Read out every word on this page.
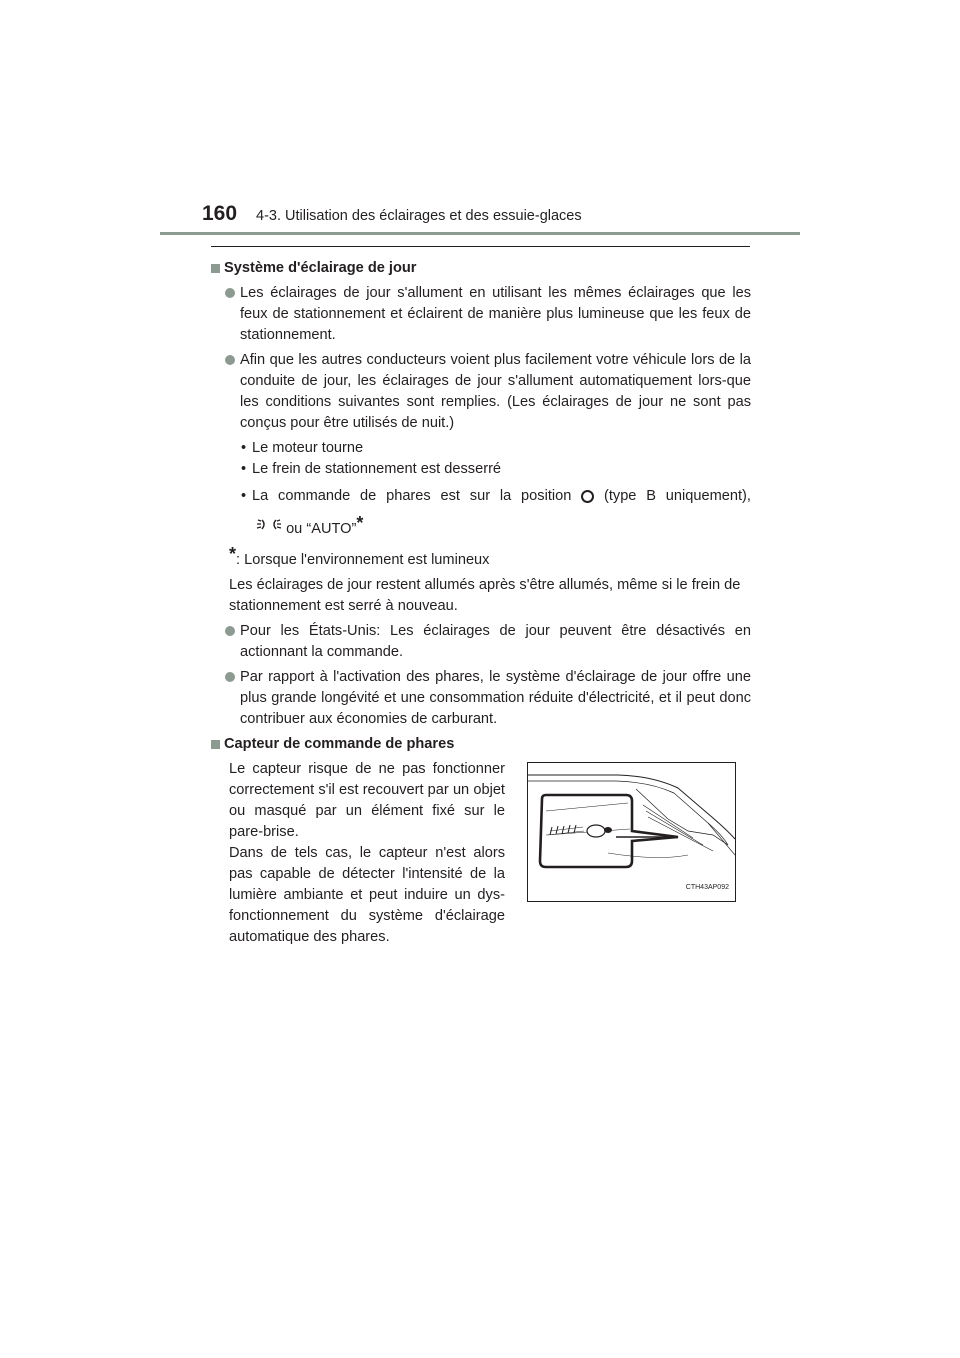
160 4-3. Utilisation des éclairages et des essuie-glaces

Système d'éclairage de jour

Les éclairages de jour s'allument en utilisant les mêmes éclairages que les feux de stationnement et éclairent de manière plus lumineuse que les feux de stationnement.

Afin que les autres conducteurs voient plus facilement votre véhicule lors de la conduite de jour, les éclairages de jour s'allument automatiquement lors-que les conditions suivantes sont remplies. (Les éclairages de jour ne sont pas conçus pour être utilisés de nuit.)

• Le moteur tourne

• Le frein de stationnement est desserré

• La commande de phares est sur la position (type B uniquement),

ou “AUTO”*

*: Lorsque l'environnement est lumineux

Les éclairages de jour restent allumés après s'être allumés, même si le frein de stationnement est serré à nouveau.

Pour les États-Unis: Les éclairages de jour peuvent être désactivés en actionnant la commande.

Par rapport à l'activation des phares, le système d'éclairage de jour offre une plus grande longévité et une consommation réduite d'électricité, et il peut donc contribuer aux économies de carburant.

Capteur de commande de phares

Le capteur risque de ne pas fonctionner correctement s'il est recouvert par un objet ou masqué par un élément fixé sur le pare-brise.

Dans de tels cas, le capteur n'est alors pas capable de détecter l'intensité de la lumière ambiante et peut induire un dys-fonctionnement du système d'éclairage automatique des phares.

CTH43AP092
